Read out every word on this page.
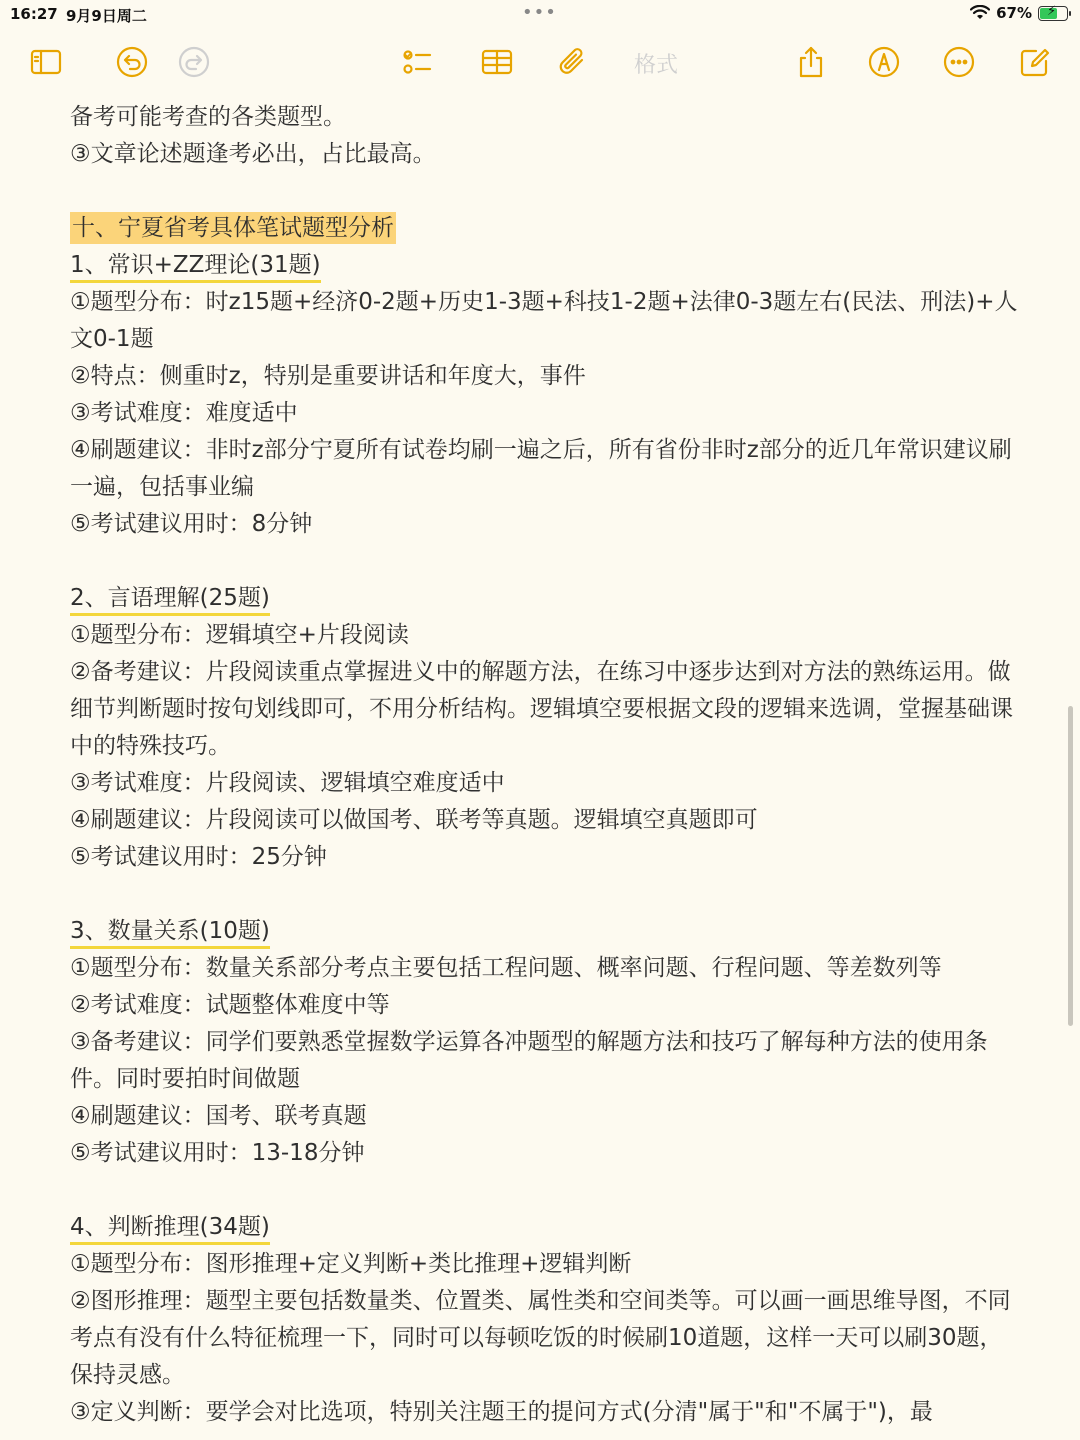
16:27 9月9日周二	•••	67% ⚡
格式

备考可能考查的各类题型。

③文章论述题逢考必出，占比最高。

十、宁夏省考具体笔试题型分析

1、常识+ZZ理论(31题)

①题型分布：时z15题+经济0-2题+历史1-3题+科技1-2题+法律0-3题左右(民法、刑法)+人文0-1题

②特点：侧重时z，特别是重要讲话和年度大，事件

③考试难度：难度适中

④刷题建议：非时z部分宁夏所有试卷均刷一遍之后，所有省份非时z部分的近几年常识建议刷一遍，包括事业编

⑤考试建议用时：8分钟

2、言语理解(25题)

①题型分布：逻辑填空+片段阅读

②备考建议：片段阅读重点掌握进义中的解题方法，在练习中逐步达到对方法的熟练运用。做细节判断题时按句划线即可，不用分析结构。逻辑填空要根据文段的逻辑来选调，堂握基础课中的特殊技巧。

③考试难度：片段阅读、逻辑填空难度适中

④刷题建议：片段阅读可以做国考、联考等真题。逻辑填空真题即可

⑤考试建议用时：25分钟

3、数量关系(10题)

①题型分布：数量关系部分考点主要包括工程问题、概率问题、行程问题、等差数列等

②考试难度：试题整体难度中等

③备考建议：同学们要熟悉堂握数学运算各冲题型的解题方法和技巧了解每种方法的使用条件。同时要拍时间做题

④刷题建议：国考、联考真题

⑤考试建议用时：13-18分钟

4、判断推理(34题)

①题型分布：图形推理+定义判断+类比推理+逻辑判断

②图形推理：题型主要包括数量类、位置类、属性类和空间类等。可以画一画思维导图，不同考点有没有什么特征梳理一下，同时可以每顿吃饭的时候刷10道题，这样一天可以刷30题，保持灵感。

③定义判断：要学会对比选项，特别关注题王的提问方式(分清"属于"和"不属于")，最
